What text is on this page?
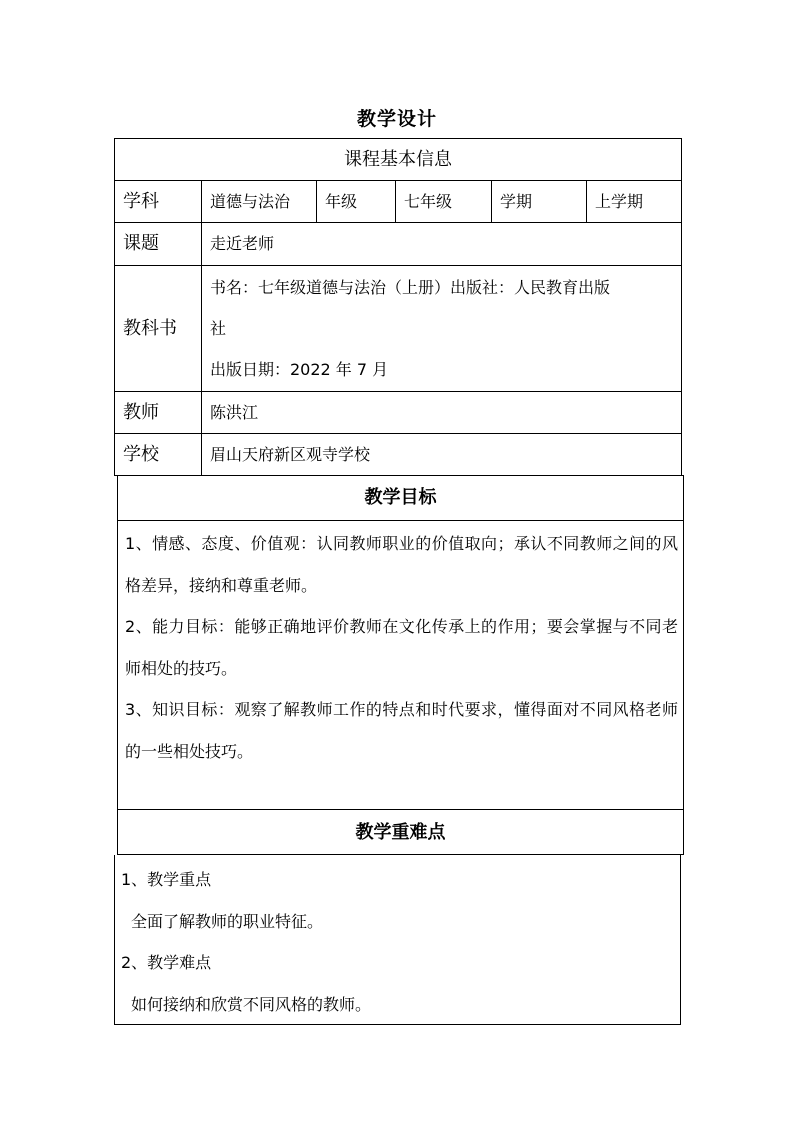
教学设计
课程基本信息					
学科	道德与法治	年级	七年级	学期	上学期
课题	走近老师				
教科书	书名：七年级道德与法治（上册）出版社：人民教育出版
社
出版日期：2022 年 7 月				

教师	陈洪江				
学校	眉山天府新区观寺学校				
教学目标

1、情感、态度、价值观：认同教师职业的价值取向；承认不同教师之间的风格差异，接纳和尊重老师。

2、能力目标：能够正确地评价教师在文化传承上的作用；要会掌握与不同老师相处的技巧。

3、知识目标：观察了解教师工作的特点和时代要求，懂得面对不同风格老师的一些相处技巧。

教学重难点
1、教学重点
全面了解教师的职业特征。
2、教学难点
如何接纳和欣赏不同风格的教师。
